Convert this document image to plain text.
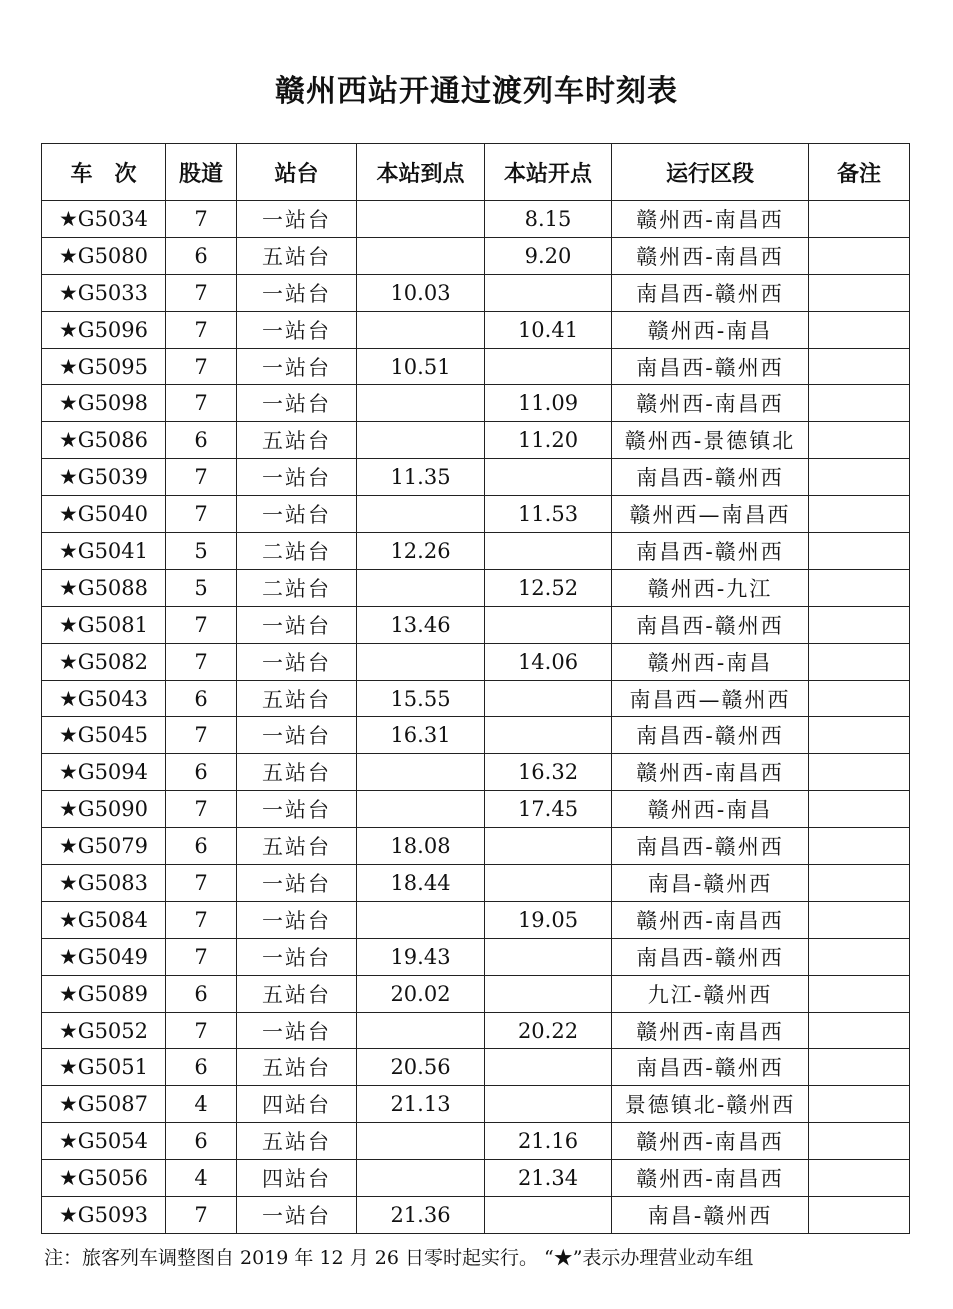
赣州西站开通过渡列车时刻表
车　次	股道	站台	本站到点	本站开点	运行区段	备注
★G5034	7	一站台		8.15	赣州西-南昌西	
★G5080	6	五站台		9.20	赣州西-南昌西	
★G5033	7	一站台	10.03		南昌西-赣州西	
★G5096	7	一站台		10.41	赣州西-南昌	
★G5095	7	一站台	10.51		南昌西-赣州西	
★G5098	7	一站台		11.09	赣州西-南昌西	
★G5086	6	五站台		11.20	赣州西-景德镇北	
★G5039	7	一站台	11.35		南昌西-赣州西	
★G5040	7	一站台		11.53	赣州西—南昌西	
★G5041	5	二站台	12.26		南昌西-赣州西	
★G5088	5	二站台		12.52	赣州西-九江	
★G5081	7	一站台	13.46		南昌西-赣州西	
★G5082	7	一站台		14.06	赣州西-南昌	
★G5043	6	五站台	15.55		南昌西—赣州西	
★G5045	7	一站台	16.31		南昌西-赣州西	
★G5094	6	五站台		16.32	赣州西-南昌西	
★G5090	7	一站台		17.45	赣州西-南昌	
★G5079	6	五站台	18.08		南昌西-赣州西	
★G5083	7	一站台	18.44		南昌-赣州西	
★G5084	7	一站台		19.05	赣州西-南昌西	
★G5049	7	一站台	19.43		南昌西-赣州西	
★G5089	6	五站台	20.02		九江-赣州西	
★G5052	7	一站台		20.22	赣州西-南昌西	
★G5051	6	五站台	20.56		南昌西-赣州西	
★G5087	4	四站台	21.13		景德镇北-赣州西	
★G5054	6	五站台		21.16	赣州西-南昌西	
★G5056	4	四站台		21.34	赣州西-南昌西	
★G5093	7	一站台	21.36		南昌-赣州西	
注：旅客列车调整图自 2019 年 12 月 26 日零时起实行。 “★”表示办理营业动车组
